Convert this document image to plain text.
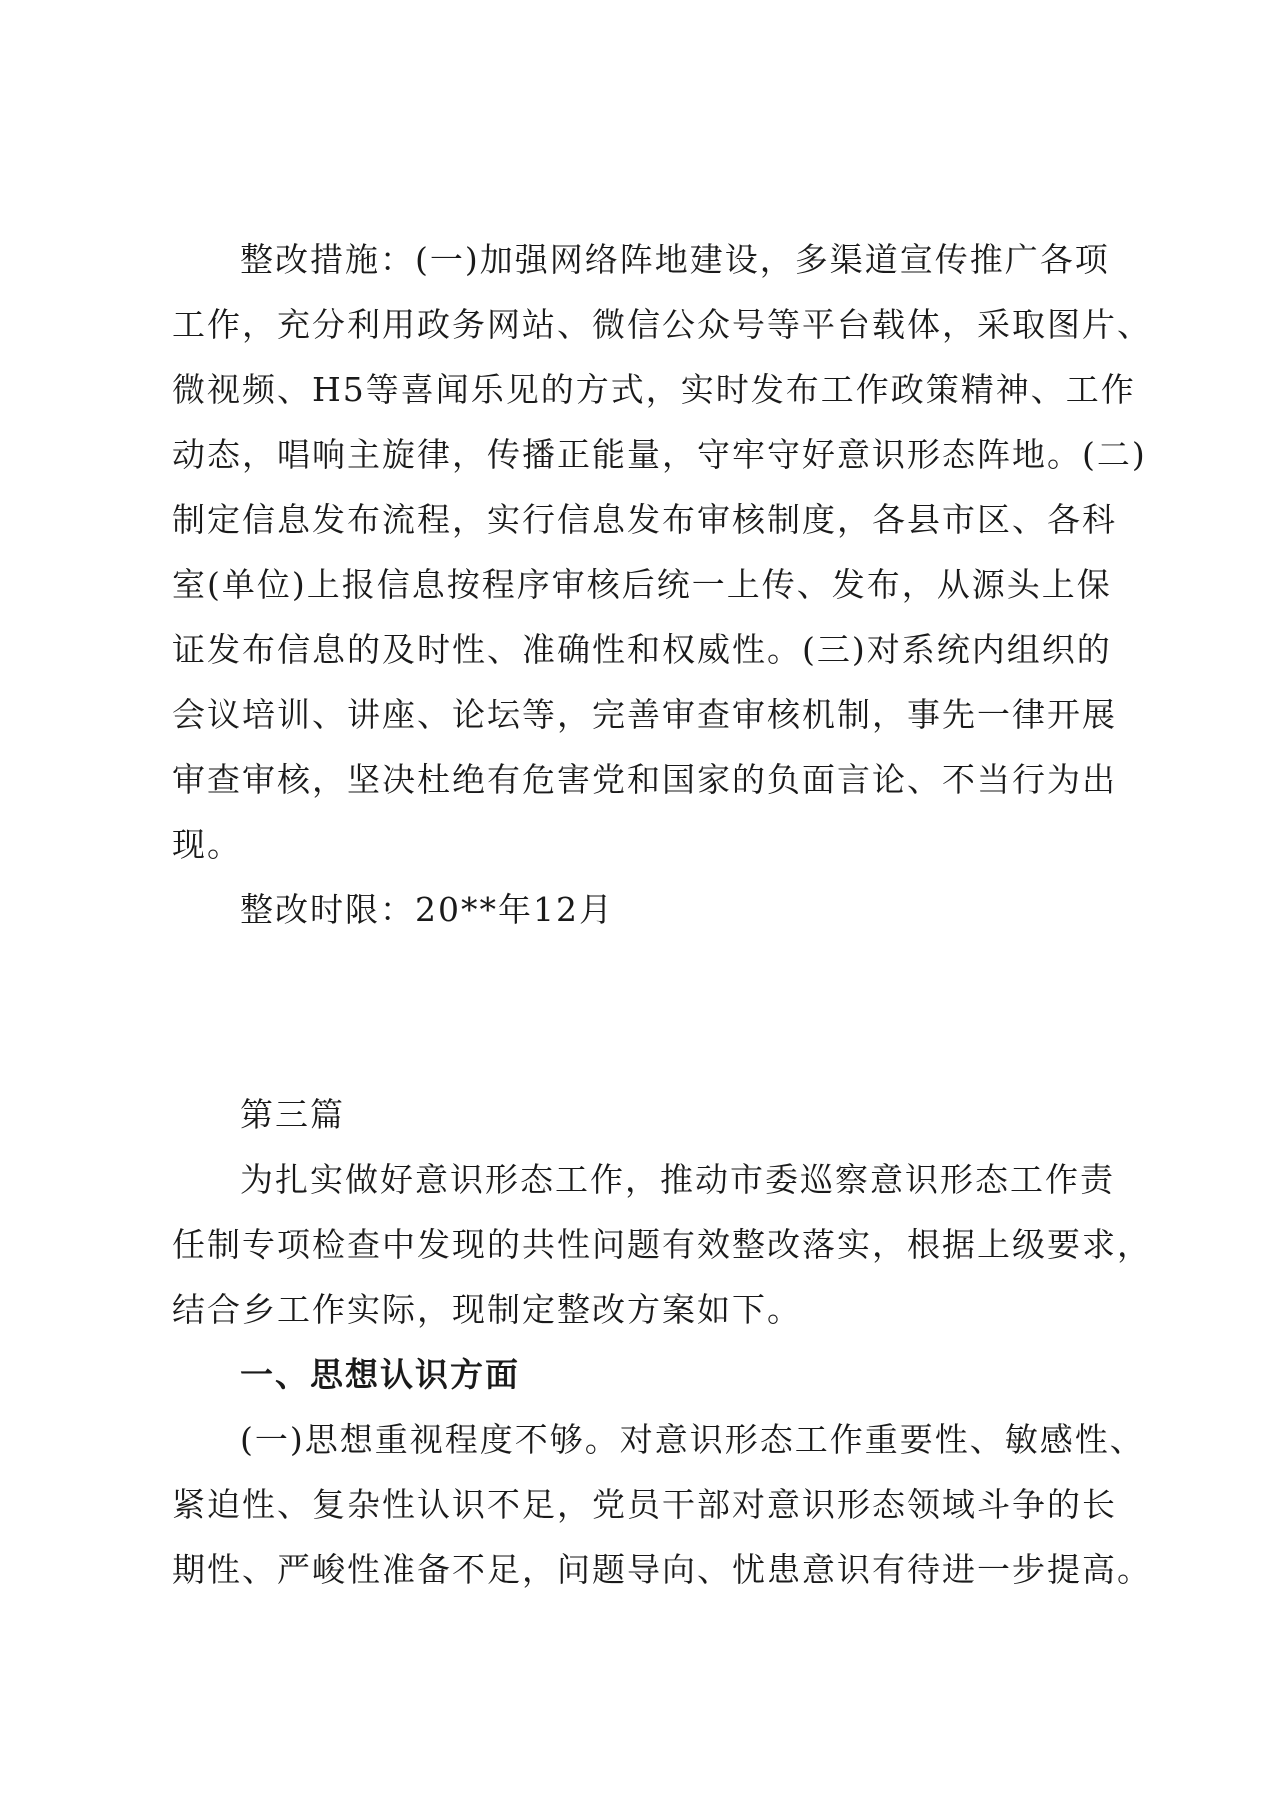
整改措施：(一)加强网络阵地建设，多渠道宣传推广各项
工作，充分利用政务网站、微信公众号等平台载体，采取图片、
微视频、H5等喜闻乐见的方式，实时发布工作政策精神、工作
动态，唱响主旋律，传播正能量，守牢守好意识形态阵地。(二)
制定信息发布流程，实行信息发布审核制度，各县市区、各科
室(单位)上报信息按程序审核后统一上传、发布，从源头上保
证发布信息的及时性、准确性和权威性。(三)对系统内组织的
会议培训、讲座、论坛等，完善审查审核机制，事先一律开展
审查审核，坚决杜绝有危害党和国家的负面言论、不当行为出
现。
整改时限：20**年12月
第三篇
为扎实做好意识形态工作，推动市委巡察意识形态工作责
任制专项检查中发现的共性问题有效整改落实，根据上级要求，
结合乡工作实际，现制定整改方案如下。
一、思想认识方面
(一)思想重视程度不够。对意识形态工作重要性、敏感性、
紧迫性、复杂性认识不足，党员干部对意识形态领域斗争的长
期性、严峻性准备不足，问题导向、忧患意识有待进一步提高。
